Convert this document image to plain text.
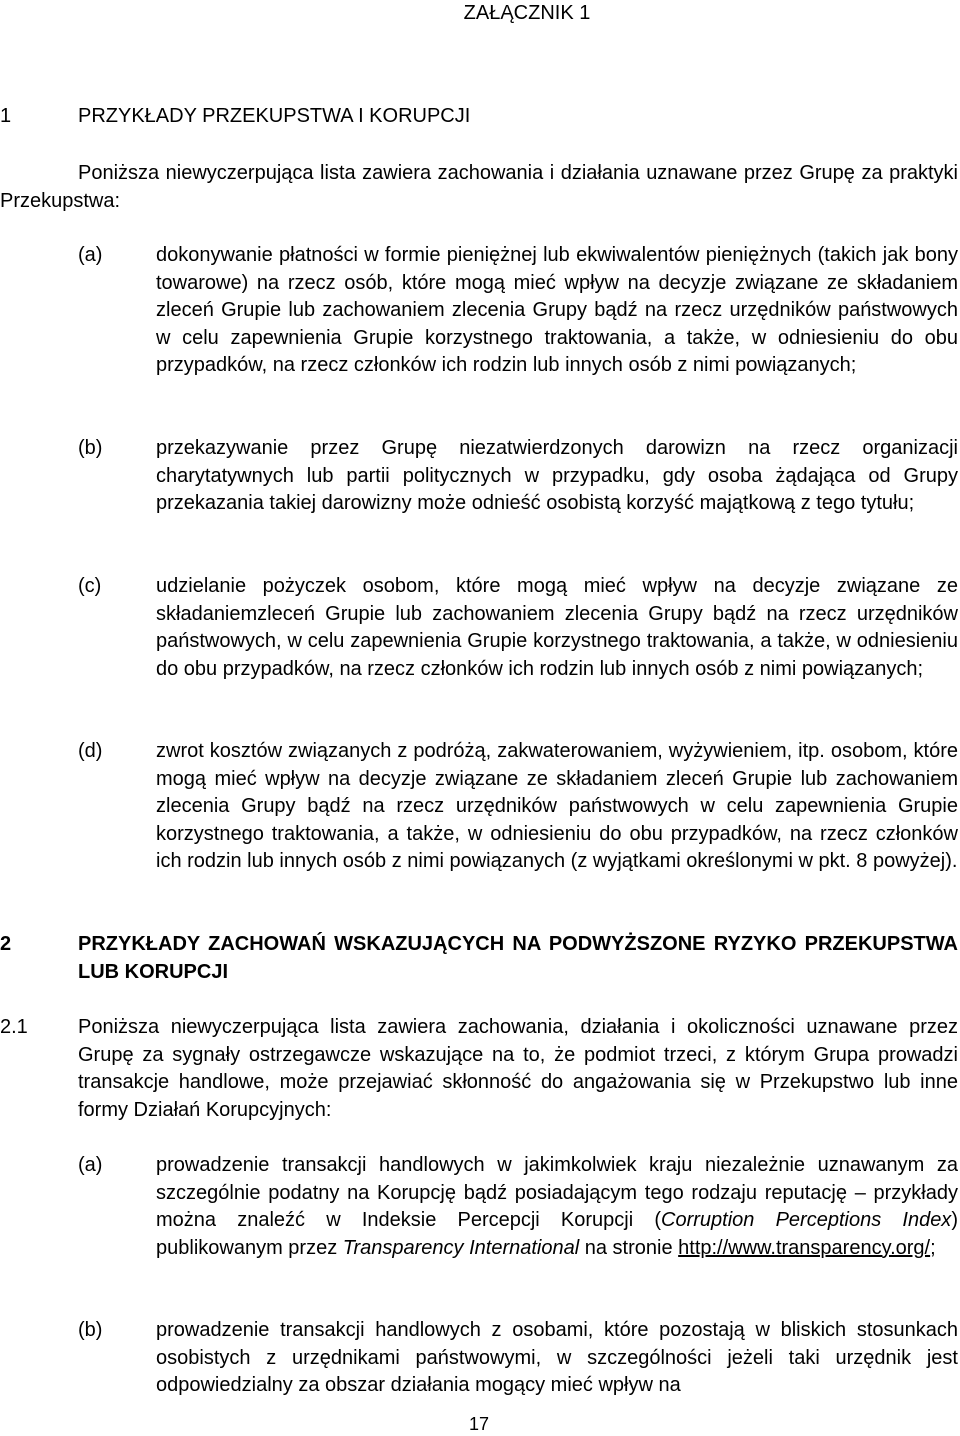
ZAŁĄCZNIK 1
1	PRZYKŁADY PRZEKUPSTWA I KORUPCJI
Poniższa niewyczerpująca lista zawiera zachowania i działania uznawane przez Grupę za praktyki Przekupstwa:
(a)	dokonywanie płatności w formie pieniężnej lub ekwiwalentów pieniężnych (takich jak bony towarowe) na rzecz osób, które mogą mieć wpływ na decyzje związane ze składaniem zleceń Grupie lub zachowaniem zlecenia Grupy bądź na rzecz urzędników państwowych w celu zapewnienia Grupie korzystnego traktowania, a także, w odniesieniu do obu przypadków, na rzecz członków ich rodzin lub innych osób z nimi powiązanych;
(b)	przekazywanie przez Grupę niezatwierdzonych darowizn na rzecz organizacji charytatywnych lub partii politycznych w przypadku, gdy osoba żądająca od Grupy przekazania takiej darowizny może odnieść osobistą korzyść majątkową z tego tytułu;
(c)	udzielanie pożyczek osobom, które mogą mieć wpływ na decyzje związane ze składaniemzleceń Grupie lub zachowaniem zlecenia Grupy bądź na rzecz urzędników państwowych, w celu zapewnienia Grupie korzystnego traktowania, a także, w odniesieniu do obu przypadków, na rzecz członków ich rodzin lub innych osób z nimi powiązanych;
(d)	zwrot kosztów związanych z podróżą, zakwaterowaniem, wyżywieniem, itp. osobom, które mogą mieć wpływ na decyzje związane ze składaniem zleceń Grupie lub zachowaniem zlecenia Grupy bądź na rzecz urzędników państwowych w celu zapewnienia Grupie korzystnego traktowania, a także, w odniesieniu do obu przypadków, na rzecz członków ich rodzin lub innych osób z nimi powiązanych (z wyjątkami określonymi w pkt. 8 powyżej).
2	PRZYKŁADY ZACHOWAŃ WSKAZUJĄCYCH NA PODWYŻSZONE RYZYKO PRZEKUPSTWA LUB KORUPCJI
2.1	Poniższa niewyczerpująca lista zawiera zachowania, działania i okoliczności uznawane przez Grupę za sygnały ostrzegawcze wskazujące na to, że podmiot trzeci, z którym Grupa prowadzi transakcje handlowe, może przejawiać skłonność do angażowania się w Przekupstwo lub inne formy Działań Korupcyjnych:
(a)	prowadzenie transakcji handlowych w jakimkolwiek kraju niezależnie uznawanym za szczególnie podatny na Korupcję bądź posiadającym tego rodzaju reputację – przykłady można znaleźć w Indeksie Percepcji Korupcji (Corruption Perceptions Index) publikowanym przez Transparency International na stronie http://www.transparency.org/;
(b)	prowadzenie transakcji handlowych z osobami, które pozostają w bliskich stosunkach osobistych z urzędnikami państwowymi, w szczególności jeżeli taki urzędnik jest odpowiedzialny za obszar działania mogący mieć wpływ na
17
